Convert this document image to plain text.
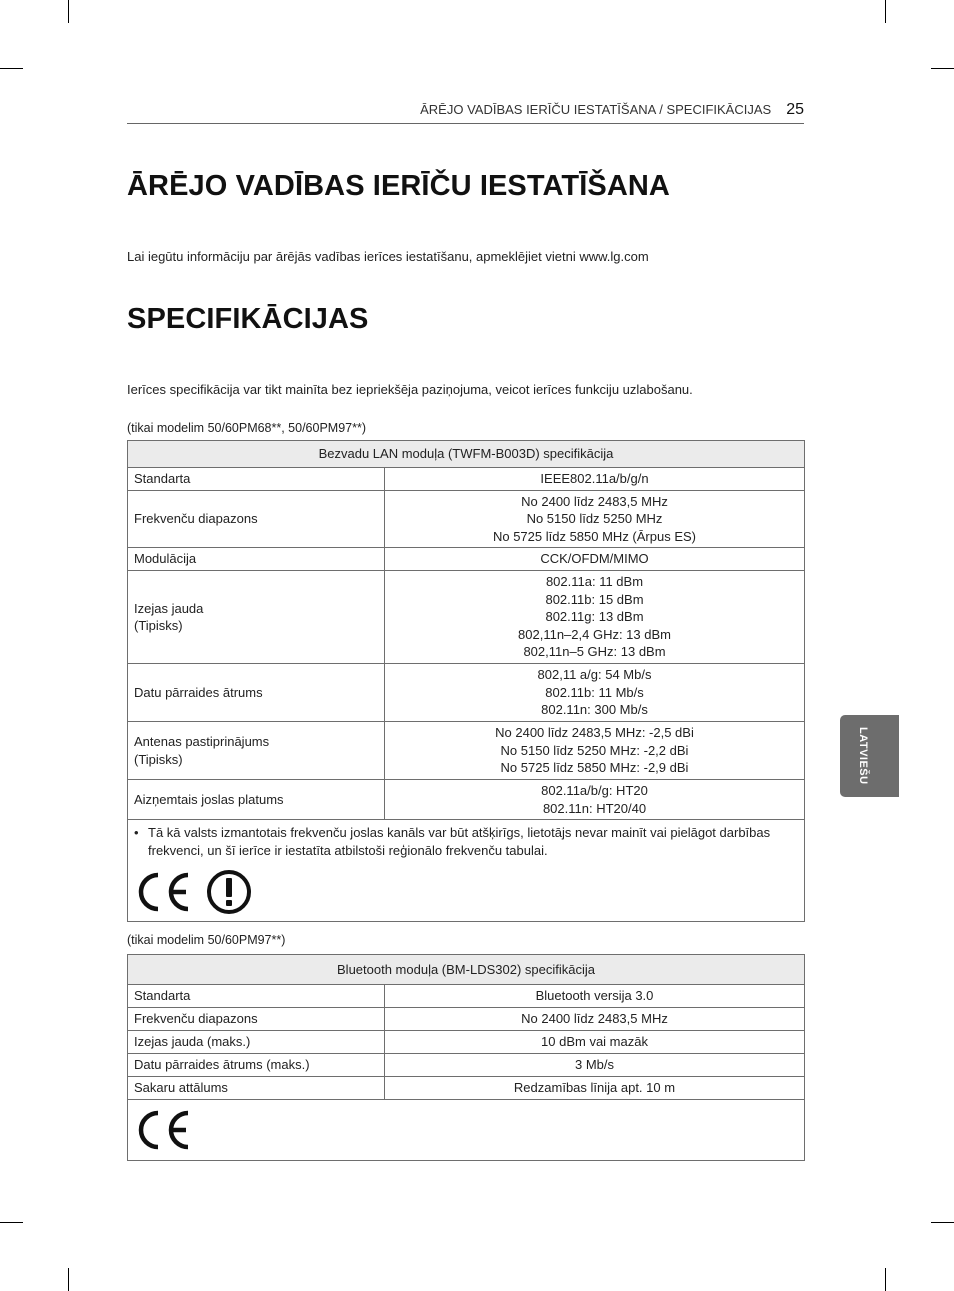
ĀRĒJO VADĪBAS IERĪČU IESTATĪŠANA / SPECIFIKĀCIJAS 25
ĀRĒJO VADĪBAS IERĪČU IESTATĪŠANA

Lai iegūtu informāciju par ārējās vadības ierīces iestatīšanu, apmeklējiet vietni www.lg.com

SPECIFIKĀCIJAS

Ierīces specifikācija var tikt mainīta bez iepriekšēja paziņojuma, veicot ierīces funkciju uzlabošanu.

(tikai modelim 50/60PM68**, 50/60PM97**)

Bezvadu LAN moduļa (TWFM-B003D) specifikācija	

Standarta	IEEE802.11a/b/g/n

Frekvenču diapazons	No 2400 līdz 2483,5 MHz
No 5150 līdz 5250 MHz
No 5725 līdz 5850 MHz (Ārpus ES)

Modulācija	CCK/OFDM/MIMO

Izejas jauda
(Tipisks)	802.11a: 11 dBm
802.11b: 15 dBm
802.11g: 13 dBm
802,11n–2,4 GHz: 13 dBm
802,11n–5 GHz: 13 dBm

Datu pārraides ātrums	802,11 a/g: 54 Mb/s
802.11b: 11 Mb/s
802.11n: 300 Mb/s

Antenas pastiprinājums
(Tipisks)	No 2400 līdz 2483,5 MHz: -2,5 dBi
No 5150 līdz 5250 MHz: -2,2 dBi
No 5725 līdz 5850 MHz: -2,9 dBi

Aizņemtais joslas platums	802.11a/b/g: HT20
802.11n: HT20/40

• Tā kā valsts izmantotais frekvenču joslas kanāls var būt atšķirīgs, lietotājs nevar mainīt vai pielāgot darbības frekvenci, un šī ierīce ir iestatīta atbilstoši reģionālo frekvenču tabulai.	

(tikai modelim 50/60PM97**)

Bluetooth moduļa (BM-LDS302) specifikācija	

Standarta	Bluetooth versija 3.0

Frekvenču diapazons	No 2400 līdz 2483,5 MHz

Izejas jauda (maks.)	10 dBm vai mazāk

Datu pārraides ātrums (maks.)	3 Mb/s

Sakaru attālums	Redzamības līnija apt. 10 m

LATVIEŠU
